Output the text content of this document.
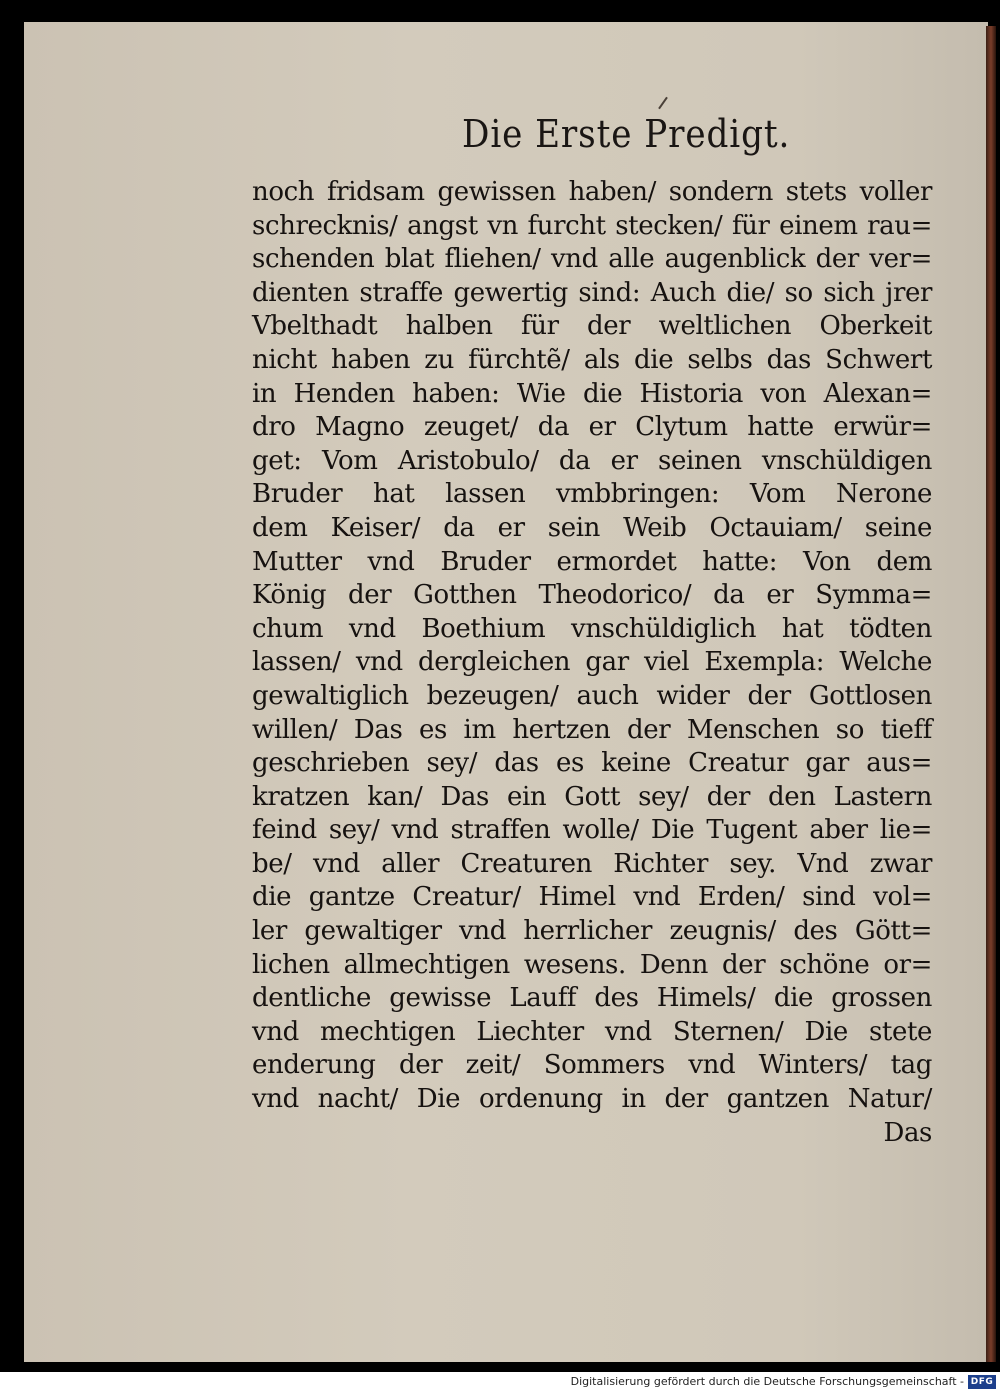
Die Erste Predigt.
noch fridsam gewissen haben/ sondern stets voller
schrecknis/ angst vn furcht stecken/ für einem rau=
schenden blat fliehen/ vnd alle augenblick der ver=
dienten straffe gewertig sind: Auch die/ so sich jrer
Vbelthadt halben für der weltlichen Oberkeit
nicht haben zu fürchtẽ/ als die selbs das Schwert
in Henden haben: Wie die Historia von Alexan=
dro Magno zeuget/ da er Clytum hatte erwür=
get: Vom Aristobulo/ da er seinen vnschüldigen
Bruder hat lassen vmbbringen: Vom Nerone
dem Keiser/ da er sein Weib Octauiam/ seine
Mutter vnd Bruder ermordet hatte: Von dem
König der Gotthen Theodorico/ da er Symma=
chum vnd Boethium vnschüldiglich hat tödten
lassen/ vnd dergleichen gar viel Exempla: Welche
gewaltiglich bezeugen/ auch wider der Gottlosen
willen/ Das es im hertzen der Menschen so tieff
geschrieben sey/ das es keine Creatur gar aus=
kratzen kan/ Das ein Gott sey/ der den Lastern
feind sey/ vnd straffen wolle/ Die Tugent aber lie=
be/ vnd aller Creaturen Richter sey. Vnd zwar
die gantze Creatur/ Himel vnd Erden/ sind vol=
ler gewaltiger vnd herrlicher zeugnis/ des Gött=
lichen allmechtigen wesens. Denn der schöne or=
dentliche gewisse Lauff des Himels/ die grossen
vnd mechtigen Liechter vnd Sternen/ Die stete
enderung der zeit/ Sommers vnd Winters/ tag
vnd nacht/ Die ordenung in der gantzen Natur/
Das
Digitalisierung gefördert durch die Deutsche Forschungsgemeinschaft - DFG
